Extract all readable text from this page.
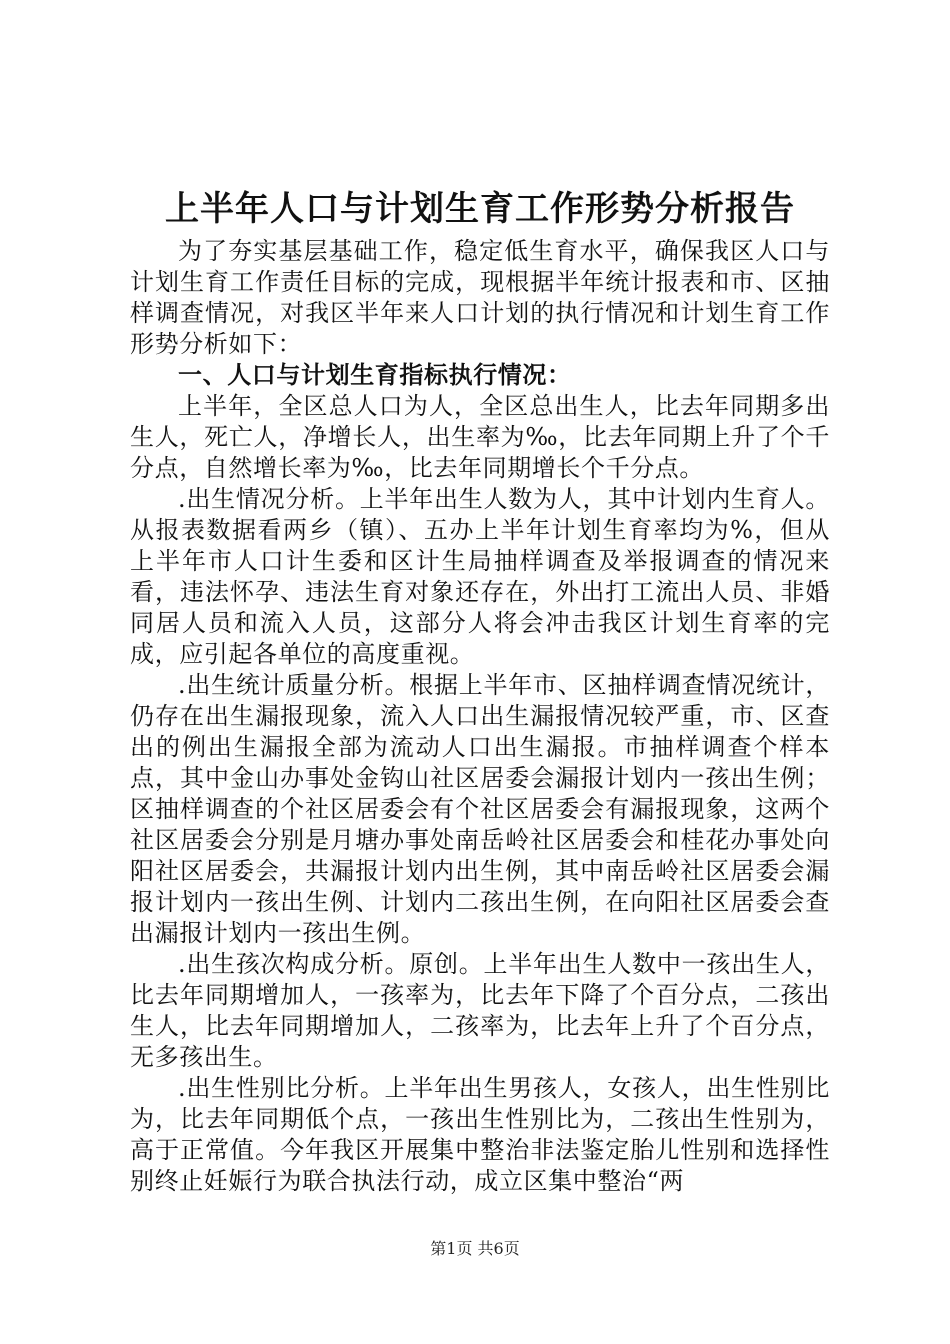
上半年人口与计划生育工作形势分析报告

为了夯实基层基础工作，稳定低生育水平，确保我区人口与计划生育工作责任目标的完成，现根据半年统计报表和市、区抽样调查情况，对我区半年来人口计划的执行情况和计划生育工作形势分析如下：

一、人口与计划生育指标执行情况：

上半年，全区总人口为人，全区总出生人，比去年同期多出生人，死亡人，净增长人，出生率为‰，比去年同期上升了个千分点，自然增长率为‰，比去年同期增长个千分点。

.出生情况分析。上半年出生人数为人，其中计划内生育人。从报表数据看两乡（镇）、五办上半年计划生育率均为%，但从上半年市人口计生委和区计生局抽样调查及举报调查的情况来看，违法怀孕、违法生育对象还存在，外出打工流出人员、非婚同居人员和流入人员，这部分人将会冲击我区计划生育率的完成，应引起各单位的高度重视。

.出生统计质量分析。根据上半年市、区抽样调查情况统计，仍存在出生漏报现象，流入人口出生漏报情况较严重，市、区查出的例出生漏报全部为流动人口出生漏报。市抽样调查个样本点，其中金山办事处金钩山社区居委会漏报计划内一孩出生例；区抽样调查的个社区居委会有个社区居委会有漏报现象，这两个社区居委会分别是月塘办事处南岳岭社区居委会和桂花办事处向阳社区居委会，共漏报计划内出生例，其中南岳岭社区居委会漏报计划内一孩出生例、计划内二孩出生例，在向阳社区居委会查出漏报计划内一孩出生例。

.出生孩次构成分析。原创。上半年出生人数中一孩出生人，比去年同期增加人，一孩率为，比去年下降了个百分点，二孩出生人，比去年同期增加人，二孩率为，比去年上升了个百分点，无多孩出生。

.出生性别比分析。上半年出生男孩人，女孩人，出生性别比为，比去年同期低个点，一孩出生性别比为，二孩出生性别为，高于正常值。今年我区开展集中整治非法鉴定胎儿性别和选择性别终止妊娠行为联合执法行动，成立区集中整治“两

第1页 共6页
